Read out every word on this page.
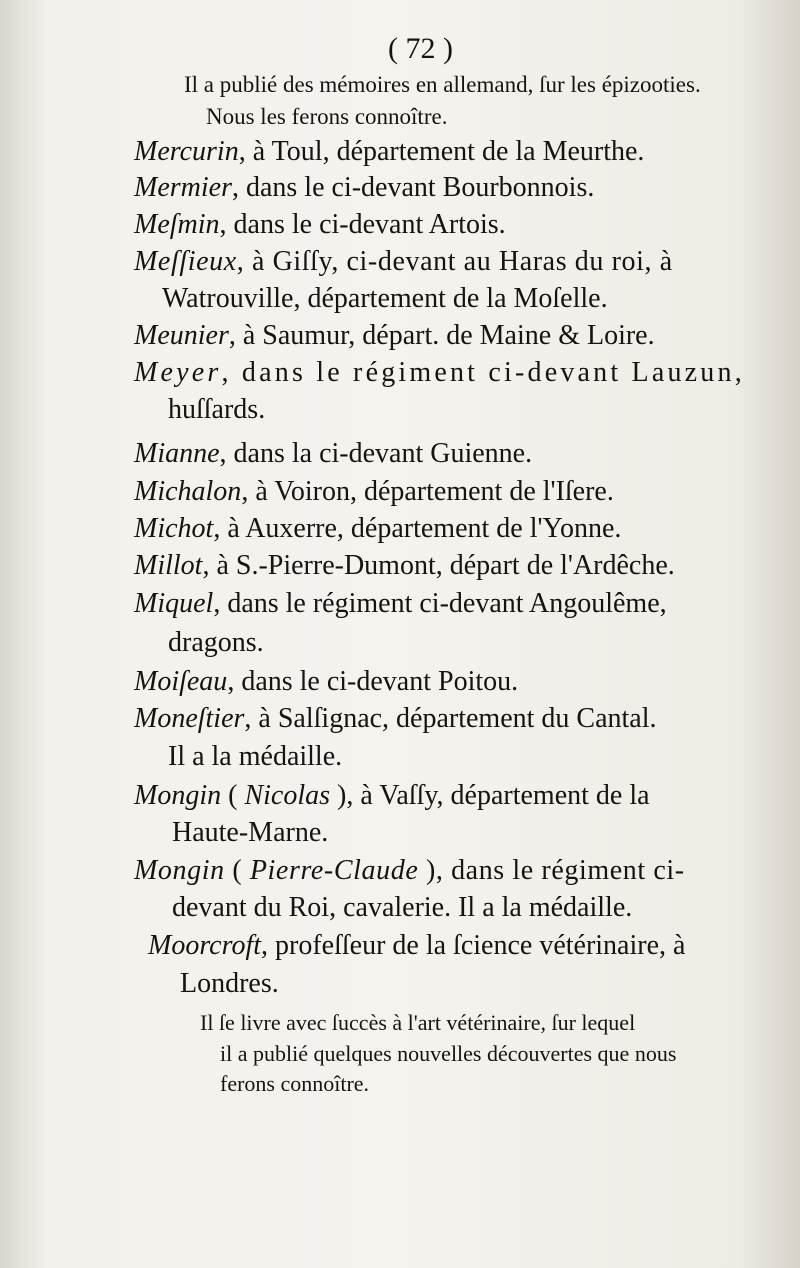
( 72 )
Il a publié des mémoires en allemand, ſur les épizooties.
Nous les ferons connoître.
Mercurin, à Toul, département de la Meurthe.
Mermier, dans le ci-devant Bourbonnois.
Meſmin, dans le ci-devant Artois.
Meſſieux, à Giſſy, ci-devant au Haras du roi, à
Watrouville, département de la Moſelle.
Meunier, à Saumur, départ. de Maine & Loire.
Meyer, dans le régiment ci-devant Lauzun,
huſſards.
Mianne, dans la ci-devant Guienne.
Michalon, à Voiron, département de l'Iſere.
Michot, à Auxerre, département de l'Yonne.
Millot, à S.-Pierre-Dumont, départ de l'Ardêche.
Miquel, dans le régiment ci-devant Angoulême,
dragons.
Moiſeau, dans le ci-devant Poitou.
Moneſtier, à Salſignac, département du Cantal.
Il a la médaille.
Mongin ( Nicolas ), à Vaſſy, département de la
Haute-Marne.
Mongin ( Pierre-Claude ), dans le régiment ci-
devant du Roi, cavalerie. Il a la médaille.
Moorcroft, profeſſeur de la ſcience vétérinaire, à
Londres.
Il ſe livre avec ſuccès à l'art vétérinaire, ſur lequel
il a publié quelques nouvelles découvertes que nous
ferons connoître.
